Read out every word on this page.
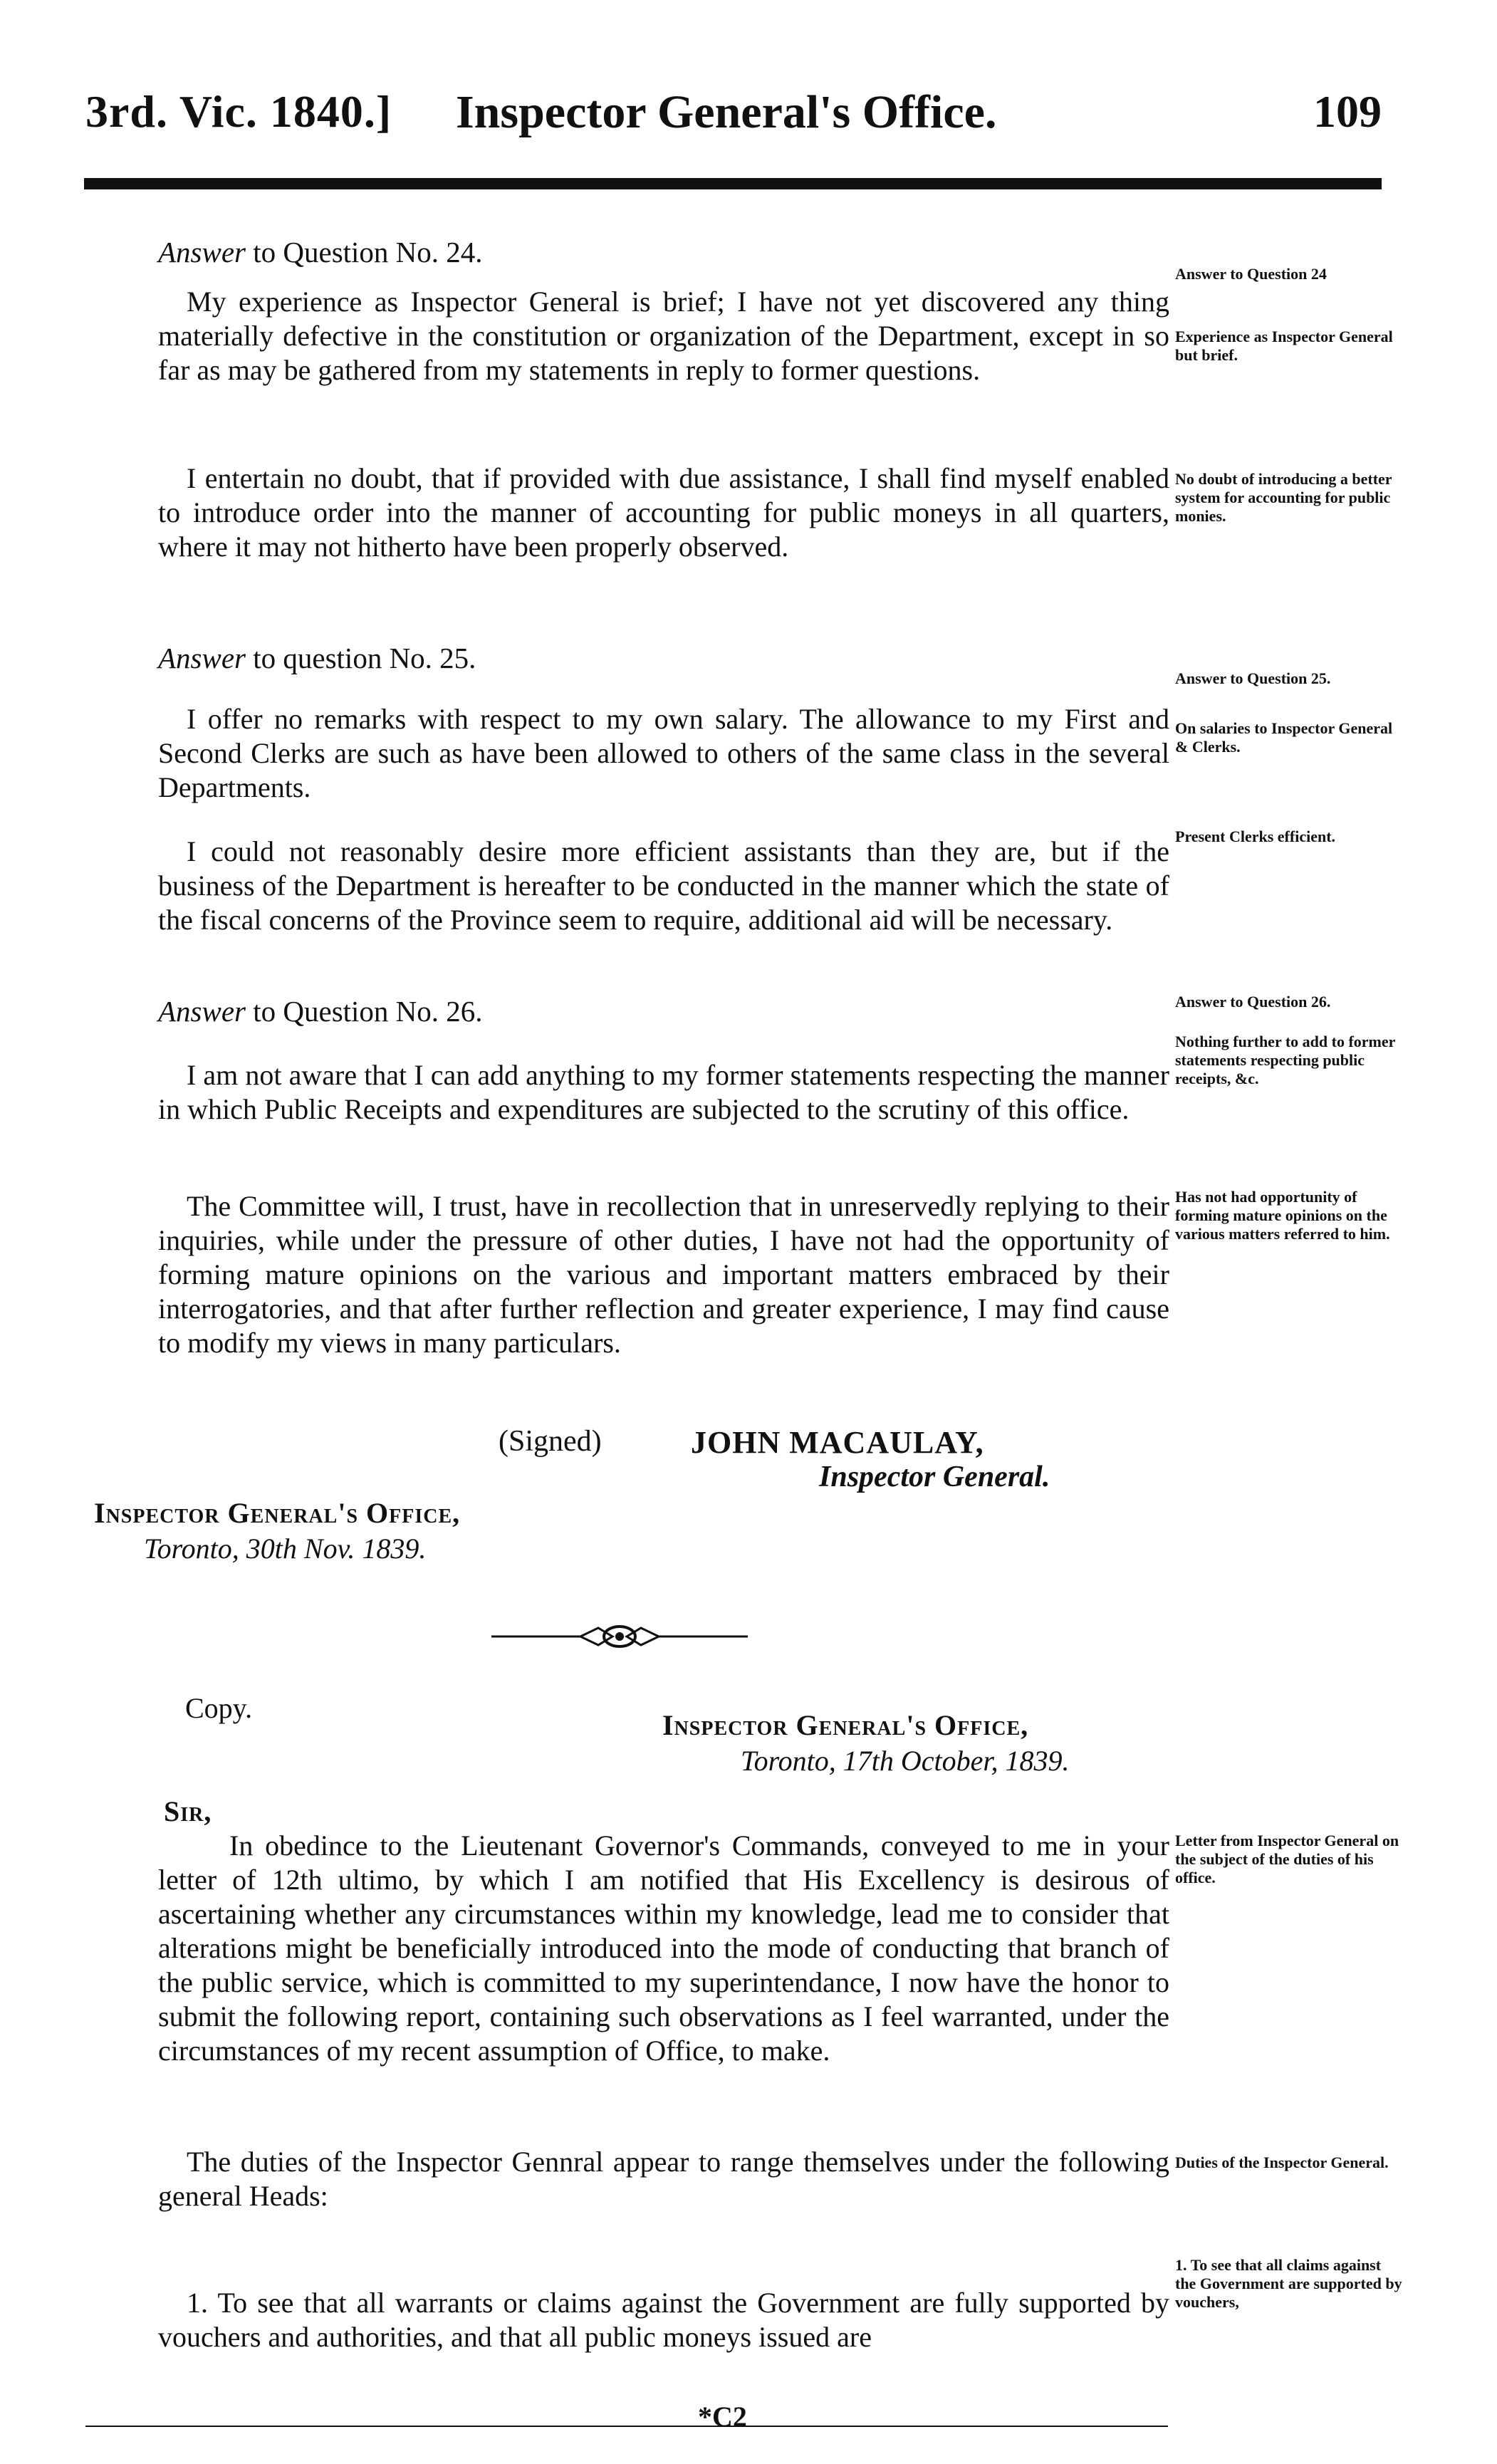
3rd. Vic. 1840.] Inspector General's Office.	109
Answer to Question No. 24.
Answer to Question 24

My experience as Inspector General is brief; I have not yet discovered any thing materially defective in the constitution or organization of the Department, except in so far as may be gathered from my statements in reply to former questions.

Experience as Inspector General but brief.

I entertain no doubt, that if provided with due assistance, I shall find myself enabled to introduce order into the manner of accounting for public moneys in all quarters, where it may not hitherto have been properly observed.

No doubt of introducing a better system for accounting for public monies.
Answer to question No. 25.
Answer to Question 25.

I offer no remarks with respect to my own salary. The allowance to my First and Second Clerks are such as have been allowed to others of the same class in the several Departments.

On salaries to Inspector General & Clerks.

I could not reasonably desire more efficient assistants than they are, but if the business of the Department is hereafter to be conducted in the manner which the state of the fiscal concerns of the Province seem to require, additional aid will be necessary.

Present Clerks efficient.
Answer to Question No. 26.	Answer to Question 26.

I am not aware that I can add anything to my former statements respecting the manner in which Public Receipts and expenditures are subjected to the scrutiny of this office.

Nothing further to add to former statements respecting public receipts, &c.

The Committee will, I trust, have in recollection that in unreservedly replying to their inquiries, while under the pressure of other duties, I have not had the opportunity of forming mature opinions on the various and important matters embraced by their interrogatories, and that after further reflection and greater experience, I may find cause to modify my views in many particulars.

Has not had opportunity of forming mature opinions on the various matters referred to him.
(Signed)	JOHN MACAULAY,
Inspector General.
Inspector General's Office,
Toronto, 30th Nov. 1839.
Copy.
Inspector General's Office,
Toronto, 17th October, 1839.
Sir,

In obedince to the Lieutenant Governor's Commands, conveyed to me in your letter of 12th ultimo, by which I am notified that His Excellency is desirous of ascertaining whether any circumstances within my knowledge, lead me to consider that alterations might be beneficially introduced into the mode of conducting that branch of the public service, which is committed to my superintendance, I now have the honor to submit the following report, containing such observations as I feel warranted, under the circumstances of my recent assumption of Office, to make.

Letter from Inspector General on the subject of the duties of his office.

The duties of the Inspector Gennral appear to range themselves under the following general Heads:

Duties of the Inspector General.

1. To see that all warrants or claims against the Government are fully supported by vouchers and authorities, and that all public moneys issued are

1. To see that all claims against the Government are supported by vouchers,
*C2
